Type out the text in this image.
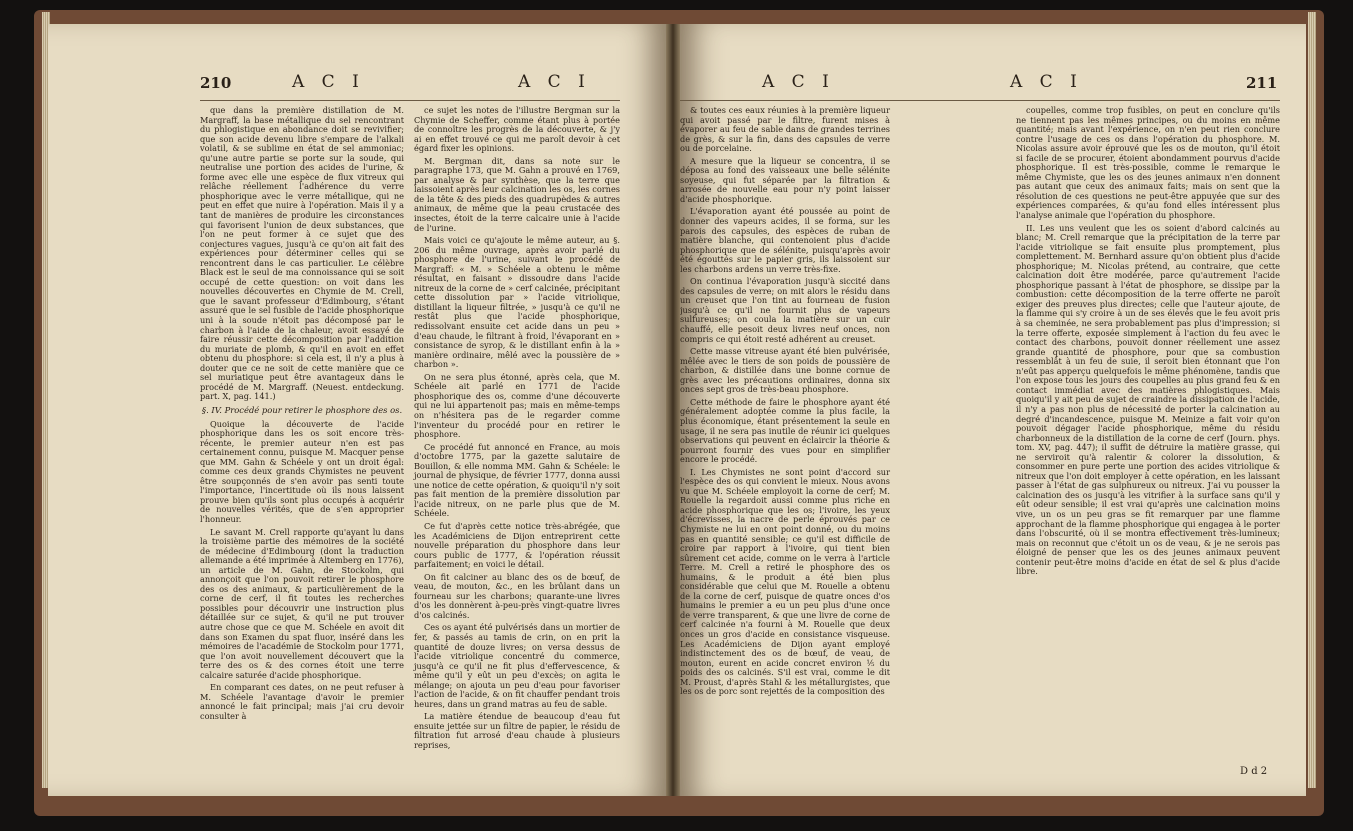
210	A C I	A C I

que dans la première distillation de M. Margraff, la base métallique du sel rencontrant du phlogistique en abondance doit se revivifier; que son acide devenu libre s'empare de l'alkali volatil, & se sublime en état de sel ammoniac; qu'une autre partie se porte sur la soude, qui neutralise une portion des acides de l'urine, & forme avec elle une espèce de flux vitreux qui relâche réellement l'adhérence du verre phosphorique avec le verre métallique, qui ne peut en effet que nuire à l'opération. Mais il y a tant de manières de produire les circonstances qui favorisent l'union de deux substances, que l'on ne peut former à ce sujet que des conjectures vagues, jusqu'à ce qu'on ait fait des expériences pour déterminer celles qui se rencontrent dans le cas particulier. Le célèbre Black est le seul de ma connoissance qui se soit occupé de cette question: on voit dans les nouvelles découvertes en Chymie de M. Crell, que le savant professeur d'Edimbourg, s'étant assuré que le sel fusible de l'acide phosphorique uni à la soude n'étoit pas décomposé par le charbon à l'aide de la chaleur, avoit essayé de faire réussir cette décomposition par l'addition du muriate de plomb, & qu'il en avoit en effet obtenu du phosphore: si cela est, il n'y a plus à douter que ce ne soit de cette manière que ce sel muriatique peut être avantageux dans le procédé de M. Margraff. (Neuest. entdeckung. part. X, pag. 141.)

§. IV. Procédé pour retirer le phosphore des os.

Quoique la découverte de l'acide phosphorique dans les os soit encore très-récente, le premier auteur n'en est pas certainement connu, puisque M. Macquer pense que MM. Gahn & Schéele y ont un droit égal: comme ces deux grands Chymistes ne peuvent être soupçonnés de s'en avoir pas senti toute l'importance, l'incertitude où ils nous laissent prouve bien qu'ils sont plus occupés à acquérir de nouvelles vérités, que de s'en approprier l'honneur.

Le savant M. Crell rapporte qu'ayant lu dans la troisième partie des mémoires de la société de médecine d'Edimbourg (dont la traduction allemande a été imprimée à Altemberg en 1776), un article de M. Gahn, de Stockolm, qui annonçoit que l'on pouvoit retirer le phosphore des os des animaux, & particulièrement de la corne de cerf, il fit toutes les recherches possibles pour découvrir une instruction plus détaillée sur ce sujet, & qu'il ne put trouver autre chose que ce que M. Schéele en avoit dit dans son Examen du spat fluor, inséré dans les mémoires de l'académie de Stockolm pour 1771, que l'on avoit nouvellement découvert que la terre des os & des cornes étoit une terre calcaire saturée d'acide phosphorique.

En comparant ces dates, on ne peut refuser à M. Schéele l'avantage d'avoir le premier annoncé le fait principal; mais j'ai cru devoir consulter à

ce sujet les notes de l'illustre Bergman sur la Chymie de Scheffer, comme étant plus à portée de connoître les progrès de la découverte, & j'y ai en effet trouvé ce qui me paroît devoir à cet égard fixer les opinions.

M. Bergman dit, dans sa note sur le paragraphe 173, que M. Gahn a prouvé en 1769, par analyse & par synthèse, que la terre que laissoient après leur calcination les os, les cornes de la tête & des pieds des quadrupèdes & autres animaux, de même que la peau crustacée des insectes, étoit de la terre calcaire unie à l'acide de l'urine.

Mais voici ce qu'ajoute le même auteur, au §. 206 du même ouvrage, après avoir parlé du phosphore de l'urine, suivant le procédé de Margraff: « M. » Schéele a obtenu le même résultat, en faisant » dissoudre dans l'acide nitreux de la corne de » cerf calcinée, précipitant cette dissolution par » l'acide vitriolique, distillant la liqueur filtrée, » jusqu'à ce qu'il ne restât plus que l'acide phosphorique, redissolvant ensuite cet acide dans un peu » d'eau chaude, le filtrant à froid, l'évaporant en » consistance de syrop, & le distillant enfin à la » manière ordinaire, mêlé avec la poussière de » charbon ».

On ne sera plus étonné, après cela, que M. Schéele ait parlé en 1771 de l'acide phosphorique des os, comme d'une découverte qui ne lui appartenoit pas; mais en même-temps on n'hésitera pas de le regarder comme l'inventeur du procédé pour en retirer le phosphore.

Ce procédé fut annoncé en France, au mois d'octobre 1775, par la gazette salutaire de Bouillon, & elle nomma MM. Gahn & Schéele: le journal de physique, de février 1777, donna aussi une notice de cette opération, & quoiqu'il n'y soit pas fait mention de la première dissolution par l'acide nitreux, on ne parle plus que de M. Schéele.

Ce fut d'après cette notice très-abrégée, que les Académiciens de Dijon entreprirent cette nouvelle préparation du phosphore dans leur cours public de 1777, & l'opération réussit parfaitement; en voici le détail.

On fit calciner au blanc des os de bœuf, de veau, de mouton, &c., en les brûlant dans un fourneau sur les charbons; quarante-une livres d'os les donnèrent à-peu-près vingt-quatre livres d'os calcinés.

Ces os ayant été pulvérisés dans un mortier de fer, & passés au tamis de crin, on en prit la quantité de douze livres; on versa dessus de l'acide vitriolique concentré du commerce, jusqu'à ce qu'il ne fit plus d'effervescence, & même qu'il y eût un peu d'excès; on agita le mélange; on ajouta un peu d'eau pour favoriser l'action de l'acide, & on fit chauffer pendant trois heures, dans un grand matras au feu de sable.

La matière étendue de beaucoup d'eau fut ensuite jettée sur un filtre de papier, le résidu de filtration fut arrosé d'eau chaude à plusieurs reprises,

A C I	A C I	211

& toutes ces eaux réunies à la première liqueur qui avoit passé par le filtre, furent mises à évaporer au feu de sable dans de grandes terrines de grès, & sur la fin, dans des capsules de verre ou de porcelaine.

A mesure que la liqueur se concentra, il se déposa au fond des vaisseaux une belle sélénite soyeuse, qui fut séparée par la filtration & arrosée de nouvelle eau pour n'y point laisser d'acide phosphorique.

L'évaporation ayant été poussée au point de donner des vapeurs acides, il se forma, sur les parois des capsules, des espèces de ruban de matière blanche, qui contenoient plus d'acide phosphorique que de sélénite, puisqu'après avoir été égouttés sur le papier gris, ils laissoient sur les charbons ardens un verre très-fixe.

On continua l'évaporation jusqu'à siccité dans des capsules de verre; on mit alors le résidu dans un creuset que l'on tint au fourneau de fusion jusqu'à ce qu'il ne fournit plus de vapeurs sulfureuses; on coula la matière sur un cuir chauffé, elle pesoit deux livres neuf onces, non compris ce qui étoit resté adhérent au creuset.

Cette masse vitreuse ayant été bien pulvérisée, mêlée avec le tiers de son poids de poussière de charbon, & distillée dans une bonne cornue de grès avec les précautions ordinaires, donna six onces sept gros de très-beau phosphore.

Cette méthode de faire le phosphore ayant été généralement adoptée comme la plus facile, la plus économique, étant présentement la seule en usage, il ne sera pas inutile de réunir ici quelques observations qui peuvent en éclaircir la théorie & pourront fournir des vues pour en simplifier encore le procédé.

I. Les Chymistes ne sont point d'accord sur l'espèce des os qui convient le mieux. Nous avons vu que M. Schéele employoit la corne de cerf; M. Rouelle la regardoit aussi comme plus riche en acide phosphorique que les os; l'ivoire, les yeux d'écrevisses, la nacre de perle éprouvés par ce Chymiste ne lui en ont point donné, ou du moins pas en quantité sensible; ce qu'il est difficile de croire par rapport à l'ivoire, qui tient bien sûrement cet acide, comme on le verra à l'article Terre. M. Crell a retiré le phosphore des os humains, & le produit a été bien plus considérable que celui que M. Rouelle a obtenu de la corne de cerf, puisque de quatre onces d'os humains le premier a eu un peu plus d'une once de verre transparent, & que une livre de corne de cerf calcinée n'a fourni à M. Rouelle que deux onces un gros d'acide en consistance visqueuse. Les Académiciens de Dijon ayant employé indistinctement des os de bœuf, de veau, de mouton, eurent en acide concret environ ⅕ du poids des os calcinés. S'il est vrai, comme le dit M. Proust, d'après Stahl & les métallurgistes, que les os de porc sont rejettés de la composition des

coupelles, comme trop fusibles, on peut en conclure qu'ils ne tiennent pas les mêmes principes, ou du moins en même quantité; mais avant l'expérience, on n'en peut rien conclure contre l'usage de ces os dans l'opération du phosphore. M. Nicolas assure avoir éprouvé que les os de mouton, qu'il étoit si facile de se procurer, étoient abondamment pourvus d'acide phosphorique. Il est très-possible, comme le remarque le même Chymiste, que les os des jeunes animaux n'en donnent pas autant que ceux des animaux faits; mais on sent que la résolution de ces questions ne peut-être appuyée que sur des expériences comparées, & qu'au fond elles intéressent plus l'analyse animale que l'opération du phosphore.

II. Les uns veulent que les os soient d'abord calcinés au blanc; M. Crell remarque que la précipitation de la terre par l'acide vitriolique se fait ensuite plus promptement, plus complettement. M. Bernhard assure qu'on obtient plus d'acide phosphorique; M. Nicolas prétend, au contraire, que cette calcination doit être modérée, parce qu'autrement l'acide phosphorique passant à l'état de phosphore, se dissipe par la combustion: cette décomposition de la terre offerte ne paroît exiger des preuves plus directes; celle que l'auteur ajoute, de la flamme qui s'y croire à un de ses élevés que le feu avoit pris à sa cheminée, ne sera probablement pas plus d'impression; si la terre offerte, exposée simplement à l'action du feu avec le contact des charbons, pouvoit donner réellement une assez grande quantité de phosphore, pour que sa combustion ressemblât à un feu de suie, il seroit bien étonnant que l'on n'eût pas apperçu quelquefois le même phénomène, tandis que l'on expose tous les jours des coupelles au plus grand feu & en contact immédiat avec des matières phlogistiques. Mais quoiqu'il y ait peu de sujet de craindre la dissipation de l'acide, il n'y a pas non plus de nécessité de porter la calcination au degré d'incandescence, puisque M. Meinize a fait voir qu'on pouvoit dégager l'acide phosphorique, même du résidu charbonneux de la distillation de la corne de cerf (Journ. phys. tom. XV, pag. 447); il suffit de détruire la matière grasse, qui ne serviroit qu'à ralentir & colorer la dissolution, & consommer en pure perte une portion des acides vitriolique & nitreux que l'on doit employer à cette opération, en les laissant passer à l'état de gas sulphureux ou nitreux. J'ai vu pousser la calcination des os jusqu'à les vitrifier à la surface sans qu'il y eût odeur sensible; il est vrai qu'après une calcination moins vive, un os un peu gras se fit remarquer par une flamme approchant de la flamme phosphorique qui engagea à le porter dans l'obscurité, où il se montra effectivement très-lumineux; mais on reconnut que c'étoit un os de veau, & je ne serois pas éloigné de penser que les os des jeunes animaux peuvent contenir peut-être moins d'acide en état de sel & plus d'acide libre.

D d 2
